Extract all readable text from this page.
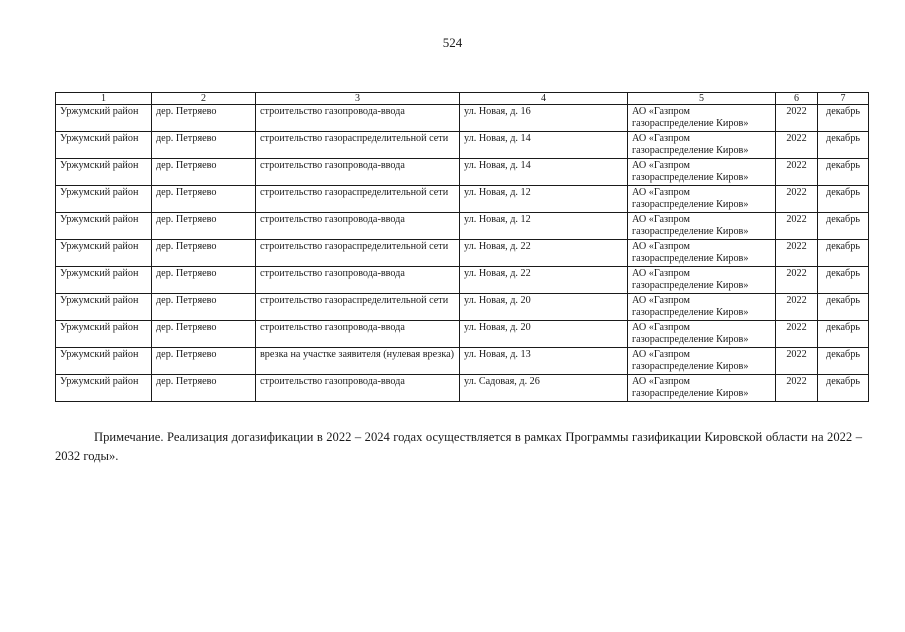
524
1	2	3	4	5	6	7
Уржумский район	дер. Петряево	строительство газопровода-ввода	ул. Новая, д. 16	АО «Газпром газораспределение Киров»	2022	декабрь
Уржумский район	дер. Петряево	строительство газораспределительной сети	ул. Новая, д. 14	АО «Газпром газораспределение Киров»	2022	декабрь
Уржумский район	дер. Петряево	строительство газопровода-ввода	ул. Новая, д. 14	АО «Газпром газораспределение Киров»	2022	декабрь
Уржумский район	дер. Петряево	строительство газораспределительной сети	ул. Новая, д. 12	АО «Газпром газораспределение Киров»	2022	декабрь
Уржумский район	дер. Петряево	строительство газопровода-ввода	ул. Новая, д. 12	АО «Газпром газораспределение Киров»	2022	декабрь
Уржумский район	дер. Петряево	строительство газораспределительной сети	ул. Новая, д. 22	АО «Газпром газораспределение Киров»	2022	декабрь
Уржумский район	дер. Петряево	строительство газопровода-ввода	ул. Новая, д. 22	АО «Газпром газораспределение Киров»	2022	декабрь
Уржумский район	дер. Петряево	строительство газораспределительной сети	ул. Новая, д. 20	АО «Газпром газораспределение Киров»	2022	декабрь
Уржумский район	дер. Петряево	строительство газопровода-ввода	ул. Новая, д. 20	АО «Газпром газораспределение Киров»	2022	декабрь
Уржумский район	дер. Петряево	врезка на участке заявителя (нулевая врезка)	ул. Новая, д. 13	АО «Газпром газораспределение Киров»	2022	декабрь
Уржумский район	дер. Петряево	строительство газопровода-ввода	ул. Садовая, д. 26	АО «Газпром газораспределение Киров»	2022	декабрь
Примечание. Реализация догазификации в 2022 – 2024 годах осуществляется в рамках Программы газификации Кировской области на 2022 – 2032 годы».
